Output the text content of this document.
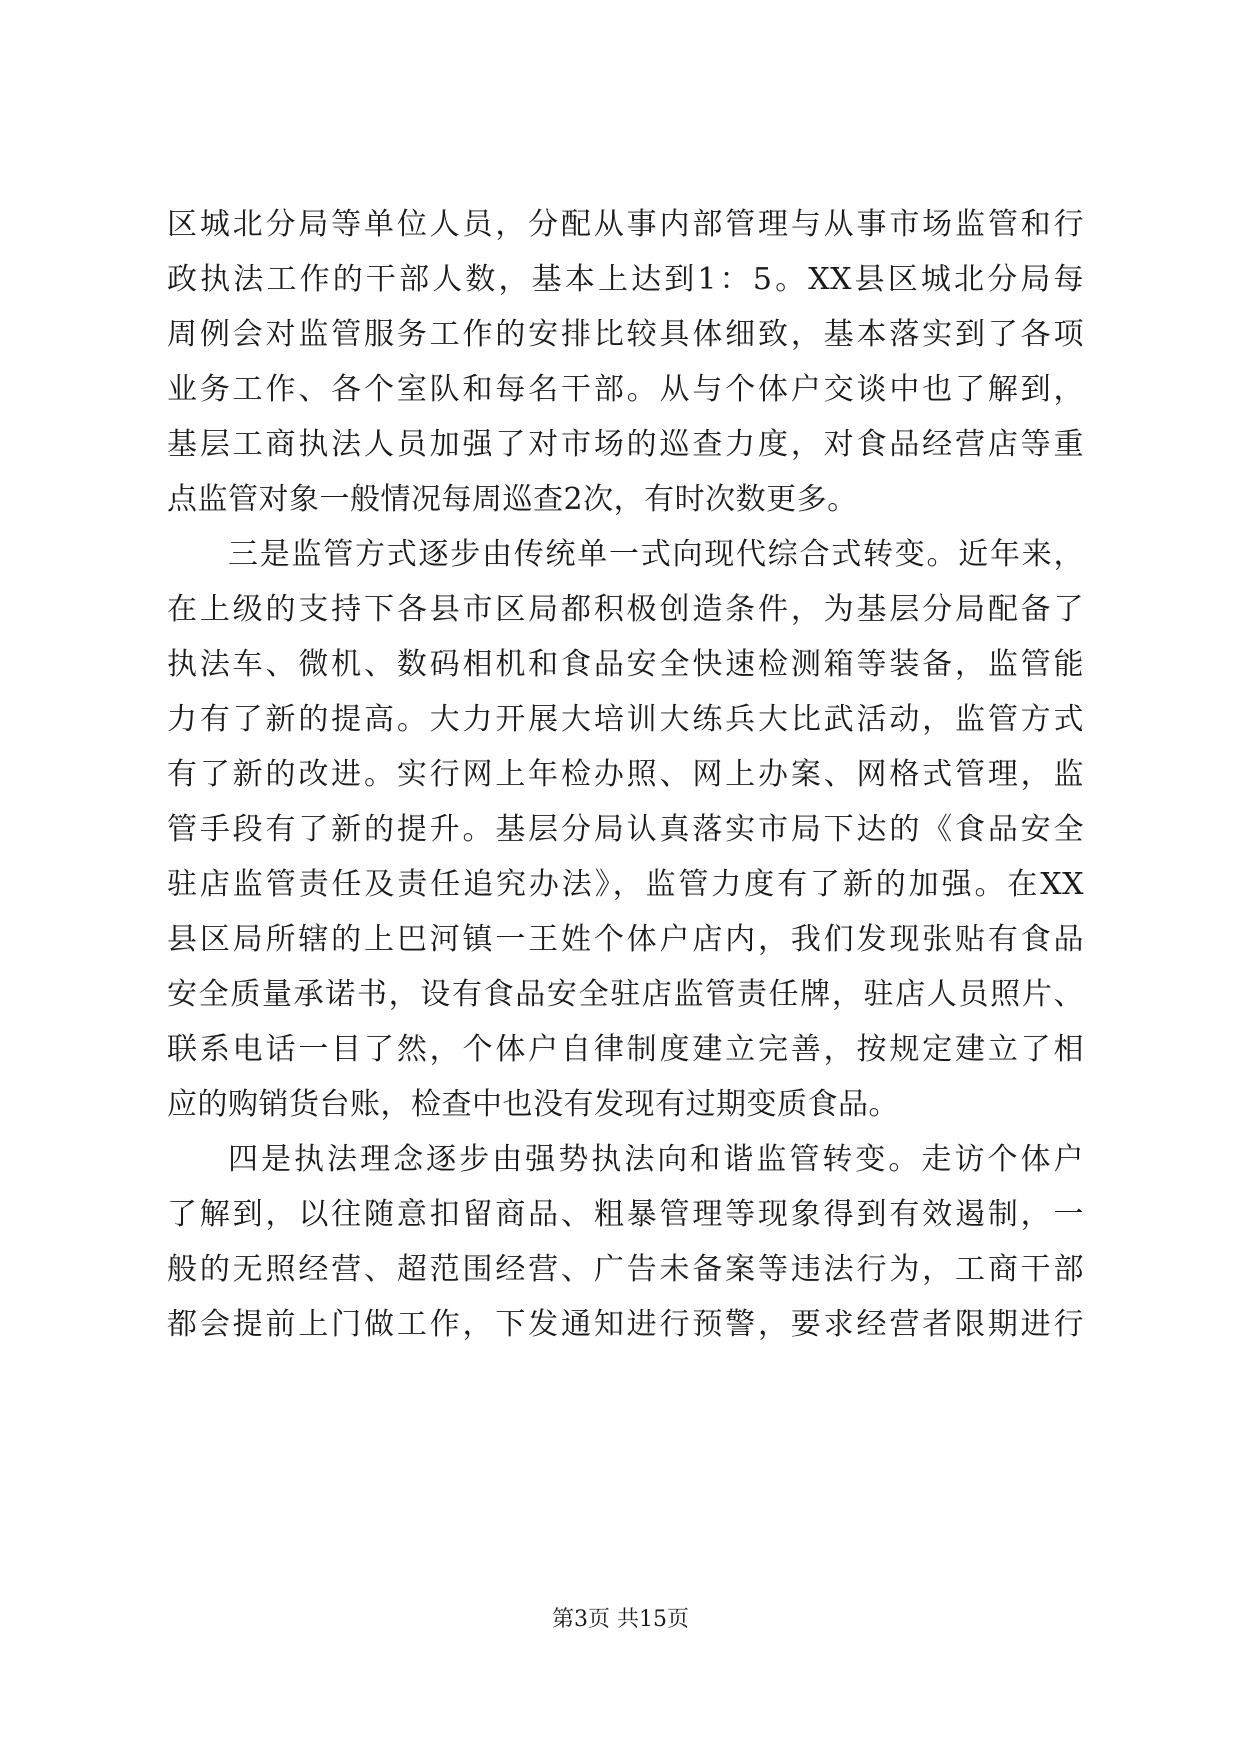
区城北分局等单位人员，分配从事内部管理与从事市场监管和行
政执法工作的干部人数，基本上达到1：5。XX县区城北分局每
周例会对监管服务工作的安排比较具体细致，基本落实到了各项
业务工作、各个室队和每名干部。从与个体户交谈中也了解到，
基层工商执法人员加强了对市场的巡查力度，对食品经营店等重
点监管对象一般情况每周巡查2次，有时次数更多。
三是监管方式逐步由传统单一式向现代综合式转变。近年来，
在上级的支持下各县市区局都积极创造条件，为基层分局配备了
执法车、微机、数码相机和食品安全快速检测箱等装备，监管能
力有了新的提高。大力开展大培训大练兵大比武活动，监管方式
有了新的改进。实行网上年检办照、网上办案、网格式管理，监
管手段有了新的提升。基层分局认真落实市局下达的《食品安全
驻店监管责任及责任追究办法》，监管力度有了新的加强。在XX
县区局所辖的上巴河镇一王姓个体户店内，我们发现张贴有食品
安全质量承诺书，设有食品安全驻店监管责任牌，驻店人员照片、
联系电话一目了然，个体户自律制度建立完善，按规定建立了相
应的购销货台账，检查中也没有发现有过期变质食品。
四是执法理念逐步由强势执法向和谐监管转变。走访个体户
了解到，以往随意扣留商品、粗暴管理等现象得到有效遏制，一
般的无照经营、超范围经营、广告未备案等违法行为，工商干部
都会提前上门做工作，下发通知进行预警，要求经营者限期进行
第3页 共15页
